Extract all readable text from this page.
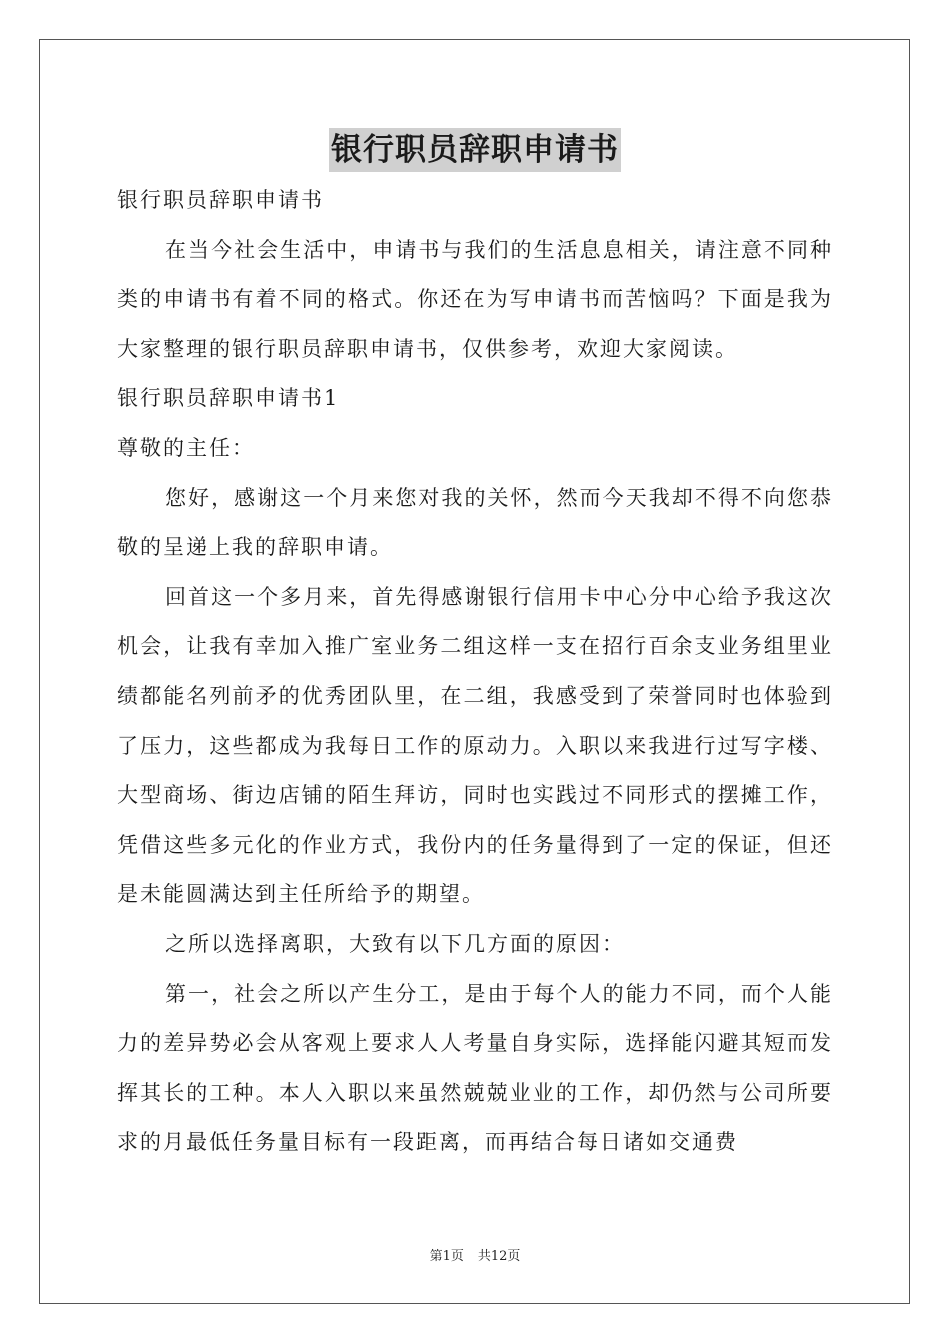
银行职员辞职申请书

银行职员辞职申请书

在当今社会生活中，申请书与我们的生活息息相关，请注意不同种类的申请书有着不同的格式。你还在为写申请书而苦恼吗？下面是我为大家整理的银行职员辞职申请书，仅供参考，欢迎大家阅读。

银行职员辞职申请书1

尊敬的主任：

您好，感谢这一个月来您对我的关怀，然而今天我却不得不向您恭敬的呈递上我的辞职申请。

回首这一个多月来，首先得感谢银行信用卡中心分中心给予我这次机会，让我有幸加入推广室业务二组这样一支在招行百余支业务组里业绩都能名列前矛的优秀团队里，在二组，我感受到了荣誉同时也体验到了压力，这些都成为我每日工作的原动力。入职以来我进行过写字楼、大型商场、街边店铺的陌生拜访，同时也实践过不同形式的摆摊工作，凭借这些多元化的作业方式，我份内的任务量得到了一定的保证，但还是未能圆满达到主任所给予的期望。

之所以选择离职，大致有以下几方面的原因：

第一，社会之所以产生分工，是由于每个人的能力不同，而个人能力的差异势必会从客观上要求人人考量自身实际，选择能闪避其短而发挥其长的工种。本人入职以来虽然兢兢业业的工作，却仍然与公司所要求的月最低任务量目标有一段距离，而再结合每日诸如交通费

第1页 共12页
